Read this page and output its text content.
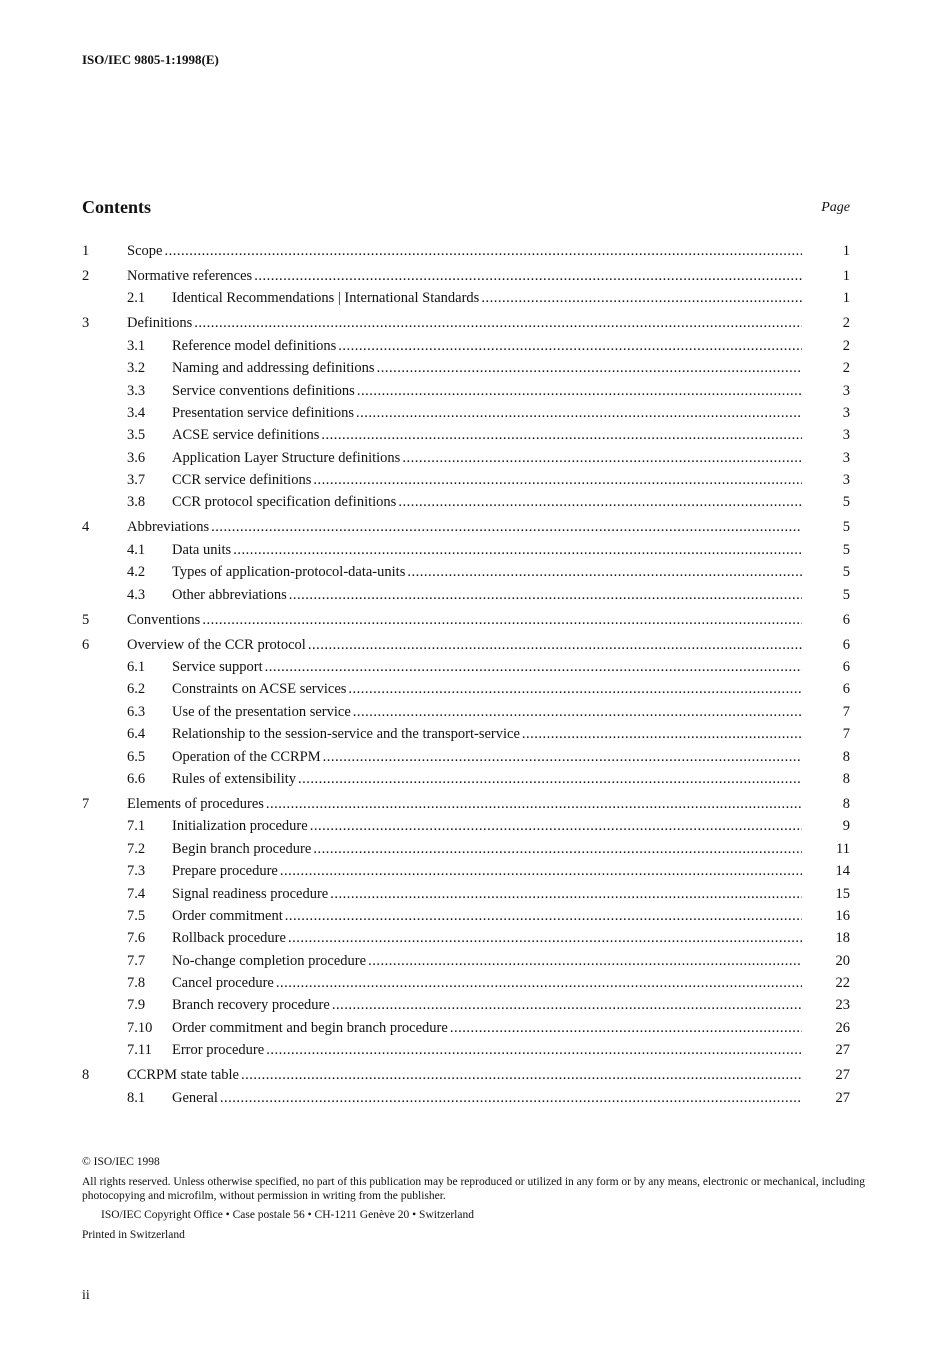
ISO/IEC 9805-1:1998(E)
Contents	Page
1	Scope .....	1
2	Normative references .....	1
2.1 Identical Recommendations | International Standards .....	1
3	Definitions .....	2
3.1 Reference model definitions .....	2
3.2 Naming and addressing definitions .....	2
3.3 Service conventions definitions .....	3
3.4 Presentation service definitions .....	3
3.5 ACSE service definitions .....	3
3.6 Application Layer Structure definitions .....	3
3.7 CCR service definitions .....	3
3.8 CCR protocol specification definitions .....	5
4	Abbreviations .....	5
4.1 Data units .....	5
4.2 Types of application-protocol-data-units .....	5
4.3 Other abbreviations .....	5
5	Conventions .....	6
6	Overview of the CCR protocol .....	6
6.1 Service support .....	6
6.2 Constraints on ACSE services .....	6
6.3 Use of the presentation service .....	7
6.4 Relationship to the session-service and the transport-service .....	7
6.5 Operation of the CCRPM .....	8
6.6 Rules of extensibility .....	8
7	Elements of procedures .....	8
7.1 Initialization procedure .....	9
7.2 Begin branch procedure .....	11
7.3 Prepare procedure .....	14
7.4 Signal readiness procedure .....	15
7.5 Order commitment .....	16
7.6 Rollback procedure .....	18
7.7 No-change completion procedure .....	20
7.8 Cancel procedure .....	22
7.9 Branch recovery procedure .....	23
7.10 Order commitment and begin branch procedure .....	26
7.11 Error procedure .....	27
8	CCRPM state table .....	27
8.1 General .....	27

© ISO/IEC 1998

All rights reserved. Unless otherwise specified, no part of this publication may be reproduced or utilized in any form or by any means, electronic or mechanical, including photocopying and microfilm, without permission in writing from the publisher.

ISO/IEC Copyright Office • Case postale 56 • CH-1211 Genève 20 • Switzerland

Printed in Switzerland

ii
